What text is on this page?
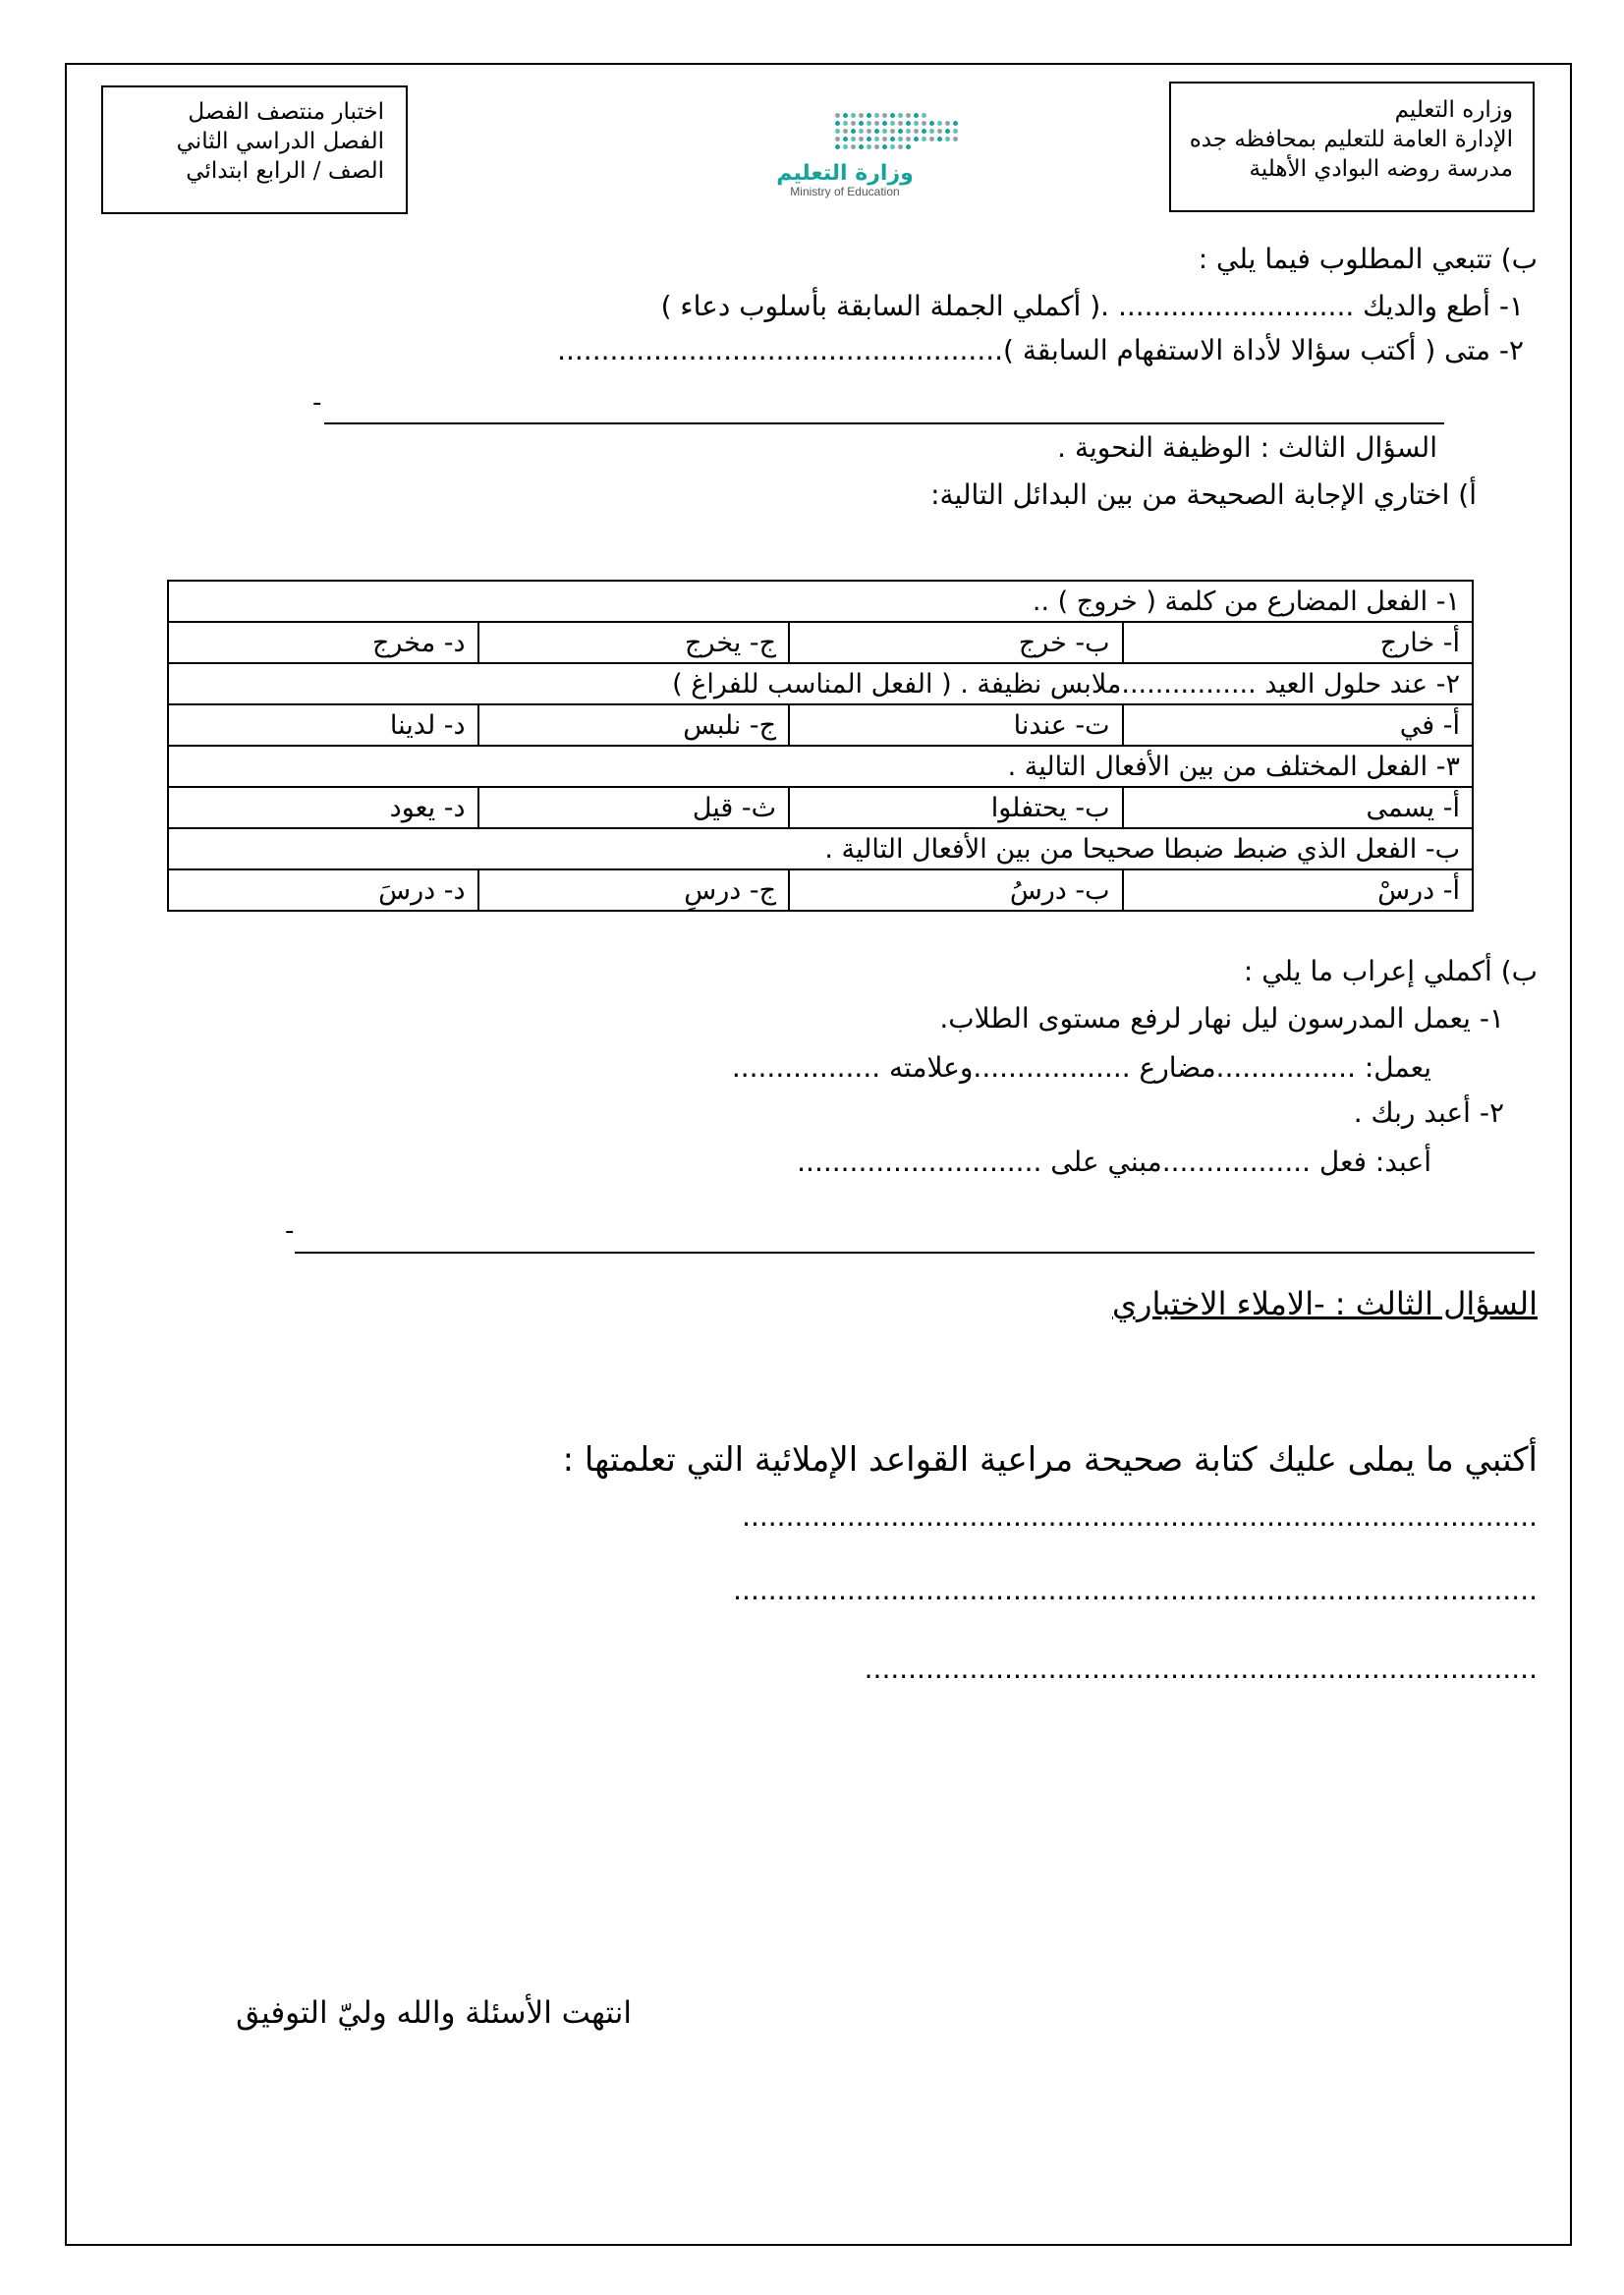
وزاره التعليم
الإدارة العامة للتعليم بمحافظه جده
مدرسة روضه البوادي الأهلية
اختبار منتصف الفصل
الفصل الدراسي الثاني
الصف / الرابع ابتدائي	وزارة التعليم
Ministry of Education
ب) تتبعي المطلوب فيما يلي :
١- أطع والديك ........................... .( أكملي الجملة السابقة بأسلوب دعاء )
٢- متى ( أكتب سؤالا لأداة الاستفهام السابقة )...................................................
-
السؤال الثالث : الوظيفة النحوية .
أ) اختاري الإجابة الصحيحة من بين البدائل التالية:
١- الفعل المضارع من كلمة ( خروج ) ..			
أ- خارج	ب- خرج	ج- يخرج	د- مخرج
٢- عند حلول العيد ................ملابس نظيفة . ( الفعل المناسب للفراغ )			
أ- في	ت- عندنا	ج- نلبس	د- لدينا
٣- الفعل المختلف من بين الأفعال التالية .			
أ- يسمى	ب- يحتفلوا	ث- قيل	د- يعود
ب- الفعل الذي ضبط ضبطا صحيحا من بين الأفعال التالية .			
أ- درسْ	ب- درسُ	ج- درسِ	د- درسَ
ب) أكملي إعراب ما يلي :
١- يعمل المدرسون ليل نهار لرفع مستوى الطلاب.
يعمل: ................مضارع ..................وعلامته .................
٢- أعبد ربك .
أعبد: فعل .................مبني على ............................
-
السؤال الثالث : -الاملاء الاختباري
أكتبي ما يملى عليك كتابة صحيحة مراعية القواعد الإملائية التي تعلمتها :
...........................................................................................
............................................................................................
.............................................................................
انتهت الأسئلة والله وليّ التوفيق
